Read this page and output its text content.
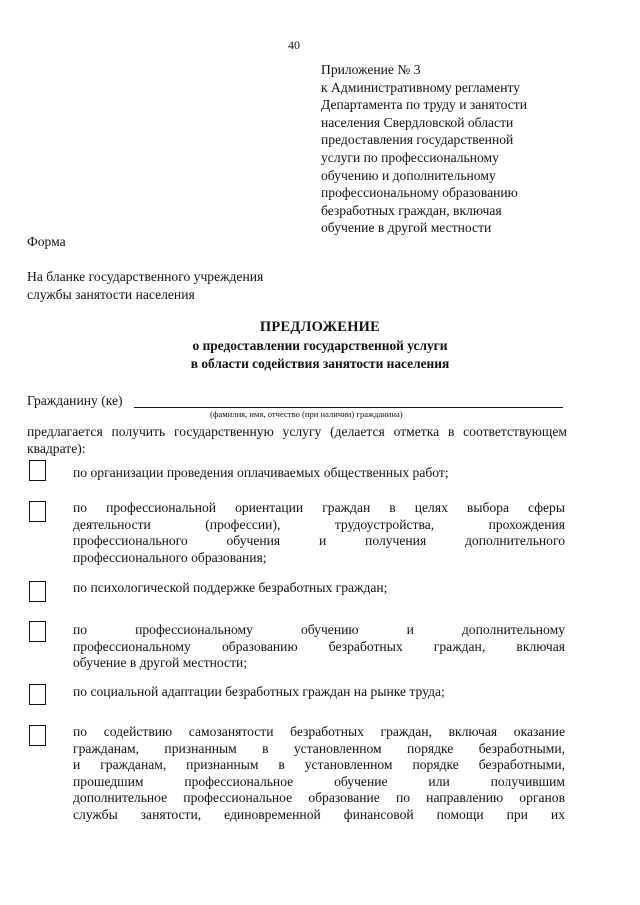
40
Приложение № 3
к Административному регламенту
Департамента по труду и занятости
населения Свердловской области
предоставления государственной
услуги по профессиональному
обучению и дополнительному
профессиональному образованию
безработных граждан, включая
обучение в другой местности
Форма
На бланке государственного учреждения
службы занятости населения
ПРЕДЛОЖЕНИЕ
о предоставлении государственной услуги
в области содействия занятости населения
Гражданину (ке)
(фамилия, имя, отчество (при наличии) гражданина)
предлагается получить государственную услугу (делается отметка в соответствующем квадрате):
по организации проведения оплачиваемых общественных работ;
по профессиональной ориентации граждан в целях выбора сферы
деятельности (профессии), трудоустройства, прохождения
профессионального обучения и получения дополнительного
профессионального образования;
по психологической поддержке безработных граждан;
по профессиональному обучению и дополнительному
профессиональному образованию безработных граждан, включая
обучение в другой местности;
по социальной адаптации безработных граждан на рынке труда;
по содействию самозанятости безработных граждан, включая оказание
гражданам, признанным в установленном порядке безработными,
и гражданам, признанным в установленном порядке безработными,
прошедшим профессиональное обучение или получившим
дополнительное профессиональное образование по направлению органов
службы занятости, единовременной финансовой помощи при их
